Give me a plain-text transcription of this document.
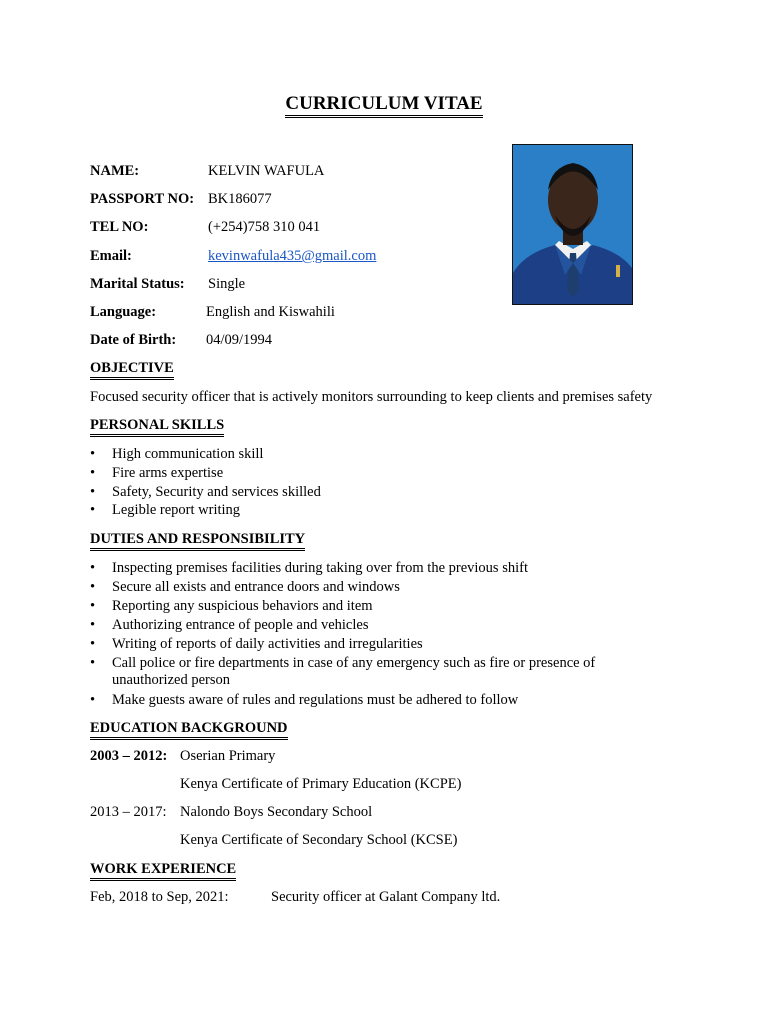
CURRICULUM VITAE
NAME:	KELVIN WAFULA
PASSPORT NO: BK186077
TEL NO:	(+254)758 310 041
Email:	kevinwafula435@gmail.com
Marital Status: Single
Language:	English and Kiswahili
Date of Birth: 04/09/1994
OBJECTIVE
Focused security officer that is actively monitors surrounding to keep clients and premises safety
PERSONAL SKILLS
• High communication skill
• Fire arms expertise
• Safety, Security and services skilled
• Legible report writing
DUTIES AND RESPONSIBILITY
• Inspecting premises facilities during taking over from the previous shift
• Secure all exists and entrance doors and windows
• Reporting any suspicious behaviors and item
• Authorizing entrance of people and vehicles
• Writing of reports of daily activities and irregularities
• Call police or fire departments in case of any emergency such as fire or presence of unauthorized person
• Make guests aware of rules and regulations must be adhered to follow
EDUCATION BACKGROUND
2003 – 2012: Oserian Primary
Kenya Certificate of Primary Education (KCPE)
2013 – 2017: Nalondo Boys Secondary School
Kenya Certificate of Secondary School (KCSE)
WORK EXPERIENCE
Feb, 2018 to Sep, 2021:	Security officer at Galant Company ltd.
